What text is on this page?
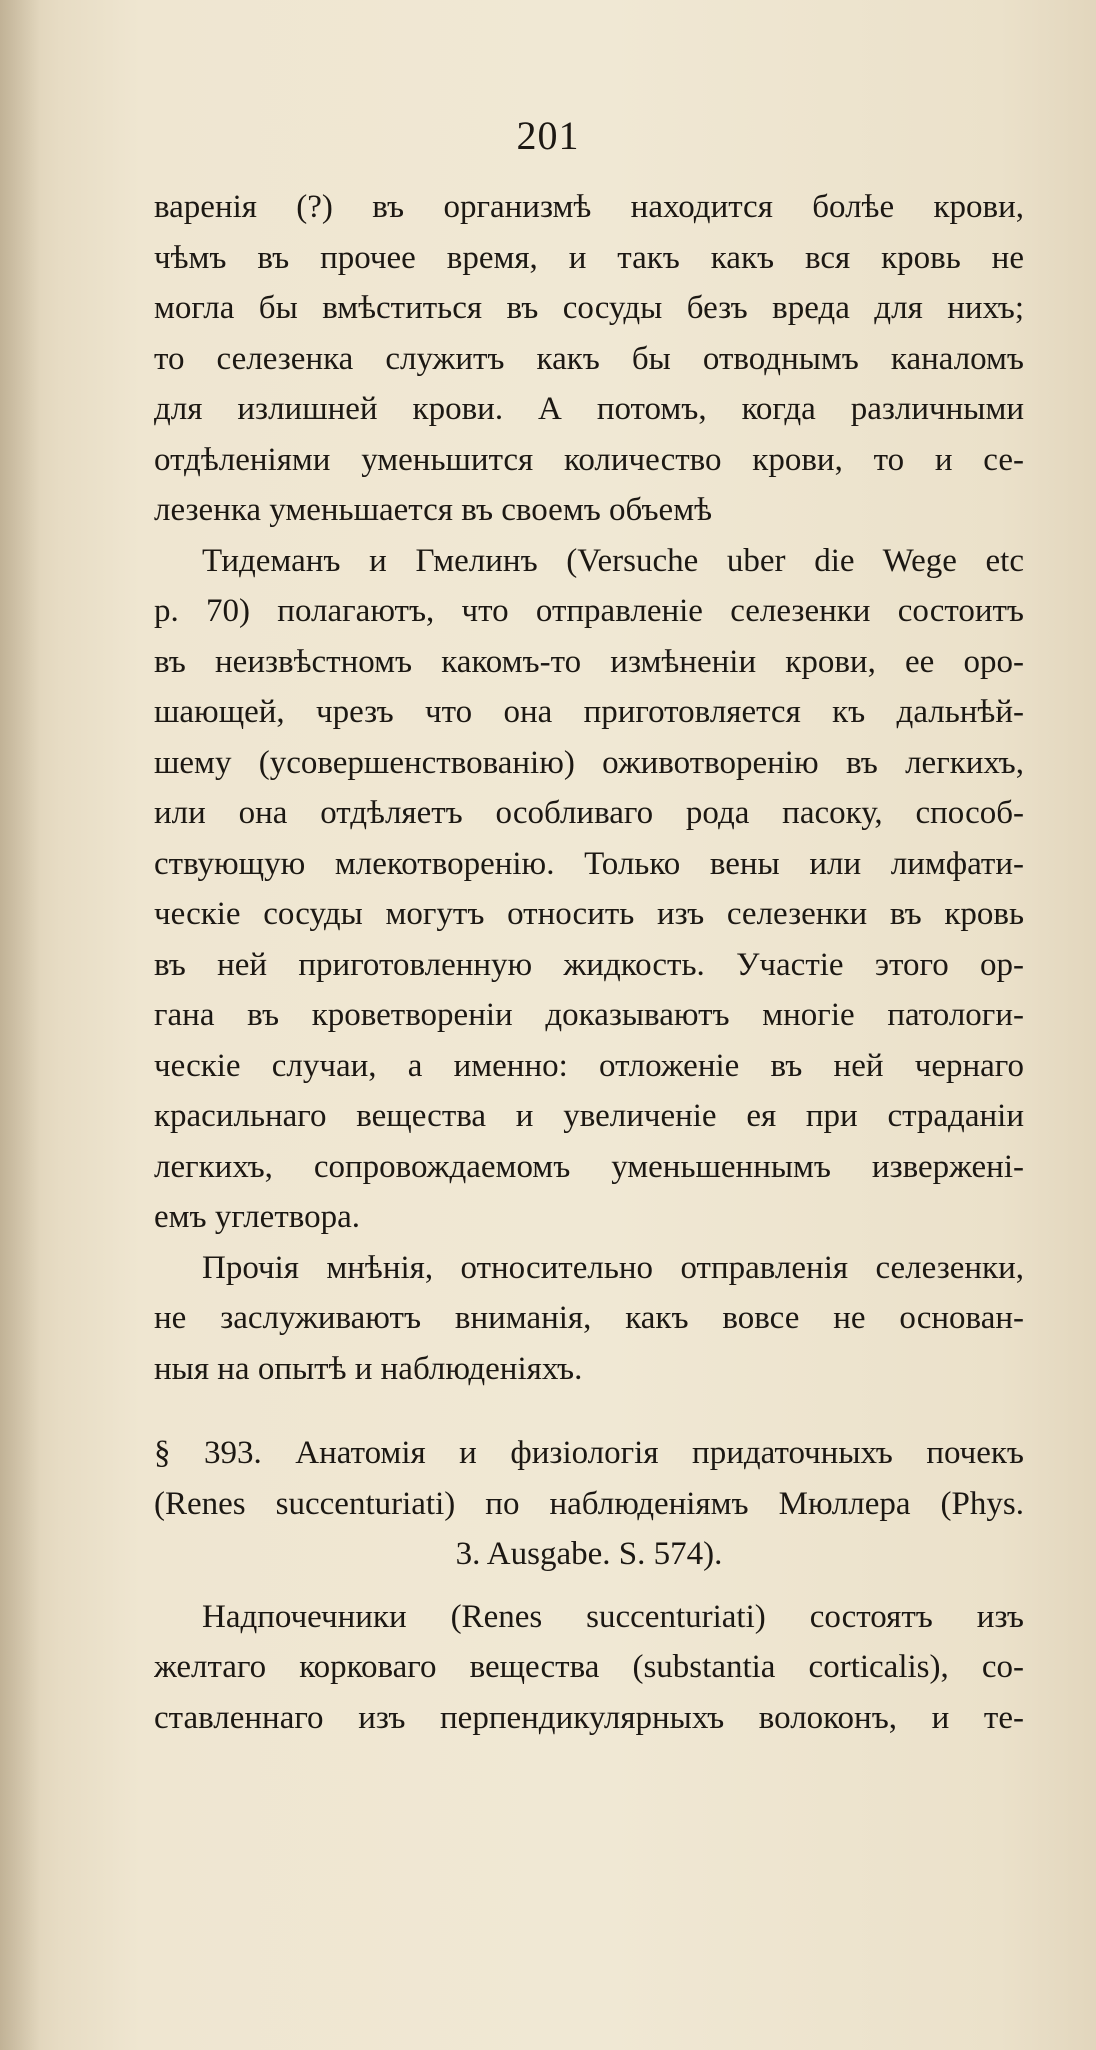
201
варенія (?) въ организмѣ находится болѣе крови,
чѣмъ въ прочее время, и такъ какъ вся кровь не
могла бы вмѣститься въ сосуды безъ вреда для нихъ;
то селезенка служитъ какъ бы отводнымъ каналомъ
для излишней крови. А потомъ, когда различными
отдѣленіями уменьшится количество крови, то и се-
лезенка уменьшается въ своемъ объемѣ
Тидеманъ и Гмелинъ (Versuche uber die Wege etc
p. 70) полагаютъ, что отправленіе селезенки состоитъ
въ неизвѣстномъ какомъ-то измѣненіи крови, ее оро-
шающей, чрезъ что она приготовляется къ дальнѣй-
шему (усовершенствованію) оживотворенію въ легкихъ,
или она отдѣляетъ особливаго рода пасоку, способ-
ствующую млекотворенію. Только вены или лимфати-
ческіе сосуды могутъ относить изъ селезенки въ кровь
въ ней приготовленную жидкость. Участіе этого ор-
гана въ кроветвореніи доказываютъ многіе патологи-
ческіе случаи, а именно: отложеніе въ ней чернаго
красильнаго вещества и увеличеніе ея при страданіи
легкихъ, сопровождаемомъ уменьшеннымъ изверженi-
емъ углетвора.
Прочія мнѣнія, относительно отправленія селезенки,
не заслуживаютъ вниманія, какъ вовсе не основан-
ныя на опытѣ и наблюденіяхъ.
§ 393. Анатомія и физіологія придаточныхъ почекъ
(Renes succenturiati) по наблюденіямъ Мюллера (Phys.
3. Ausgabe. S. 574).
Надпочечники (Renes succenturiati) состоятъ изъ
желтаго корковаго вещества (substantia corticalis), со-
ставленнаго изъ перпендикулярныхъ волоконъ, и те-
